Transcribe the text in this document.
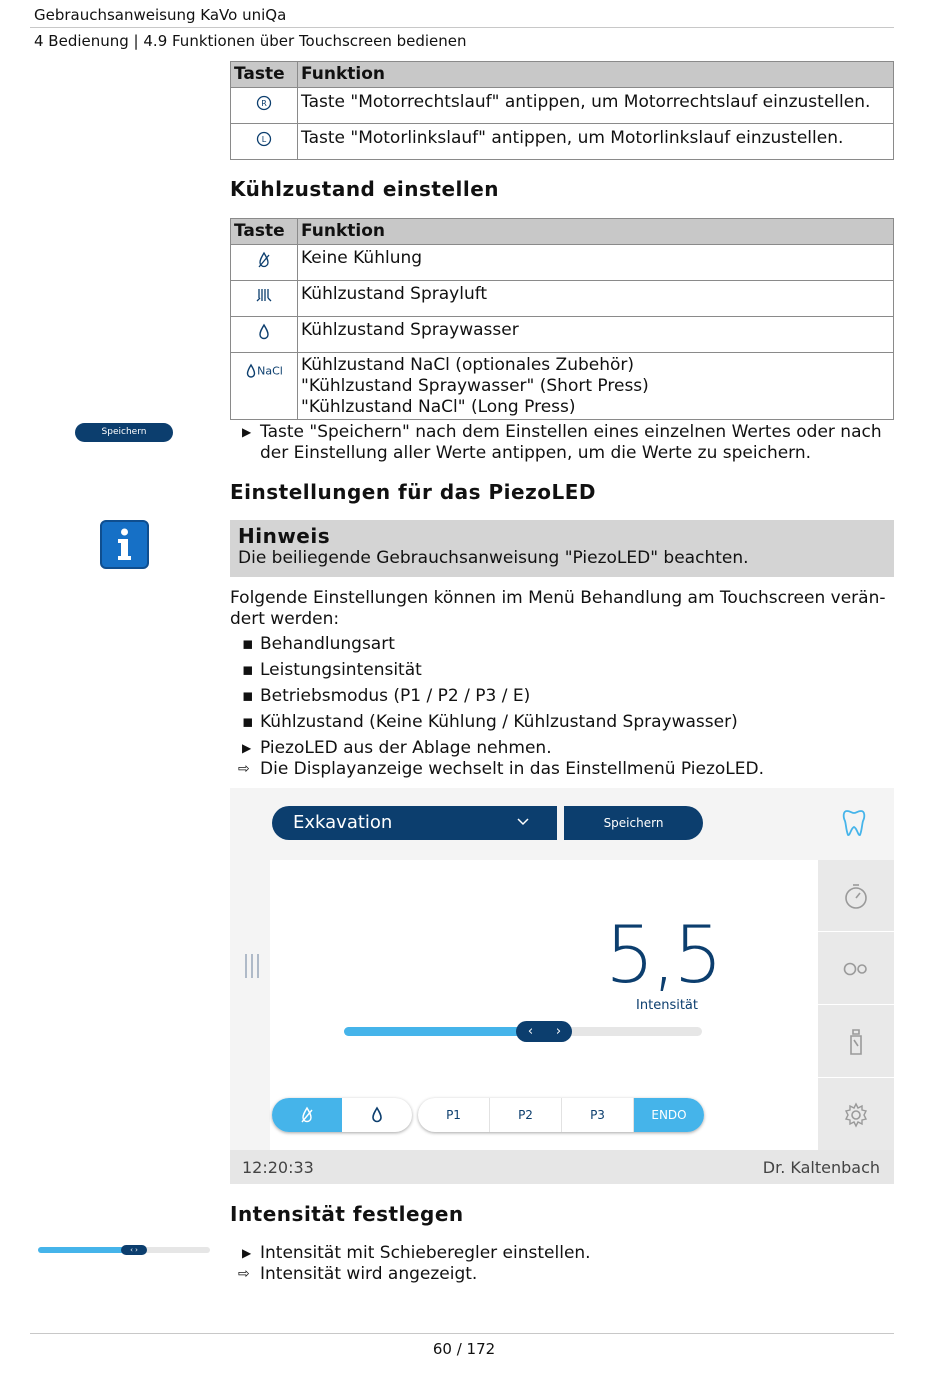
Gebrauchsanweisung KaVo uniQa
4 Bedienung | 4.9 Funktionen über Touchscreen bedienen
Taste	Funktion

R	Taste "Motorrechtslauf" antippen, um Motorrechtslauf einzustellen.

L	Taste "Motorlinkslauf" antippen, um Motorlinkslauf einzustellen.
Kühlzustand einstellen
Taste	Funktion
	Keine Kühlung
	Kühlzustand Sprayluft
	Kühlzustand Spraywasser
NaCl	Kühlzustand NaCl (optionales Zubehör)
"Kühlzustand Spraywasser" (Short Press)
"Kühlzustand NaCl" (Long Press)
Speichern	▶ Taste "Speichern" nach dem Einstellen eines einzelnen Wertes oder nach
der Einstellung aller Werte antippen, um die Werte zu speichern.
Einstellungen für das PiezoLED
Hinweis
Die beiliegende Gebrauchsanweisung "PiezoLED" beachten.
Folgende Einstellungen können im Menü Behandlung am Touchscreen verän-
dert werden:
▪ Behandlungsart
▪ Leistungsintensität
▪ Betriebsmodus (P1 / P2 / P3 / E)
▪ Kühlzustand (Keine Kühlung / Kühlzustand Spraywasser)
▶ PiezoLED aus der Ablage nehmen.
⇨ Die Displayanzeige wechselt in das Einstellmenü PiezoLED.
Exkavation	Speichern
5,5
Intensität
‹ ›
P1	P2	P3	ENDO
12:20:33	Dr. Kaltenbach
Intensität festlegen
‹ ›	▶ Intensität mit Schieberegler einstellen.
⇨ Intensität wird angezeigt.
60 / 172
